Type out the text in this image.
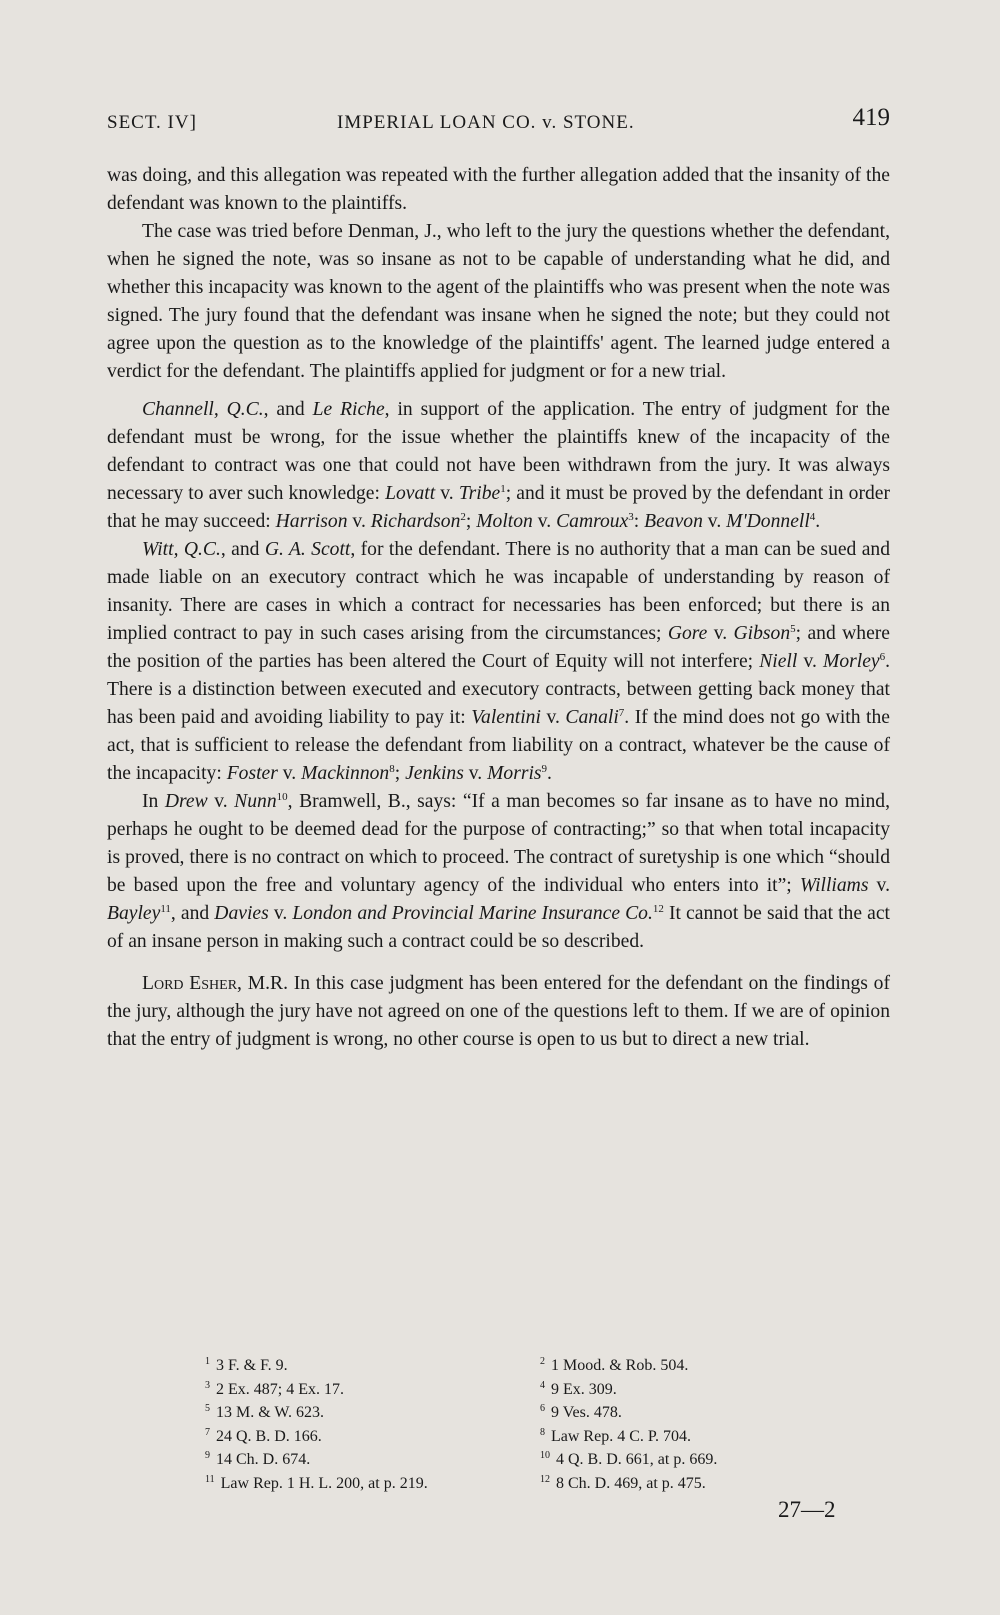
SECT. IV]	IMPERIAL LOAN CO. v. STONE.	419

was doing, and this allegation was repeated with the further allegation added that the insanity of the defendant was known to the plaintiffs.

The case was tried before Denman, J., who left to the jury the questions whether the defendant, when he signed the note, was so insane as not to be capable of understanding what he did, and whether this incapacity was known to the agent of the plaintiffs who was present when the note was signed. The jury found that the defendant was insane when he signed the note; but they could not agree upon the question as to the knowledge of the plaintiffs' agent. The learned judge entered a verdict for the defendant. The plaintiffs applied for judgment or for a new trial.

Channell, Q.C., and Le Riche, in support of the application. The entry of judgment for the defendant must be wrong, for the issue whether the plaintiffs knew of the incapacity of the defendant to contract was one that could not have been withdrawn from the jury. It was always necessary to aver such knowledge: Lovatt v. Tribe$^1$; and it must be proved by the defendant in order that he may succeed: Harrison v. Richardson$^2$; Molton v. Camroux$^3$: Beavon v. M'Donnell$^4$.

Witt, Q.C., and G. A. Scott, for the defendant. There is no authority that a man can be sued and made liable on an executory contract which he was incapable of understanding by reason of insanity. There are cases in which a contract for necessaries has been enforced; but there is an implied contract to pay in such cases arising from the circumstances; Gore v. Gibson$^5$; and where the position of the parties has been altered the Court of Equity will not interfere; Niell v. Morley$^6$. There is a distinction between executed and executory contracts, between getting back money that has been paid and avoiding liability to pay it: Valentini v. Canali$^7$. If the mind does not go with the act, that is sufficient to release the defendant from liability on a contract, whatever be the cause of the incapacity: Foster v. Mackinnon$^8$; Jenkins v. Morris$^9$.

In Drew v. Nunn$^{10}$, Bramwell, B., says: “If a man becomes so far insane as to have no mind, perhaps he ought to be deemed dead for the purpose of contracting;” so that when total incapacity is proved, there is no contract on which to proceed. The contract of suretyship is one which “should be based upon the free and voluntary agency of the individual who enters into it”; Williams v. Bayley$^{11}$, and Davies v. London and Provincial Marine Insurance Co.$^{12}$ It cannot be said that the act of an insane person in making such a contract could be so described.

Lord Esher, M.R. In this case judgment has been entered for the defendant on the findings of the jury, although the jury have not agreed on one of the questions left to them. If we are of opinion that the entry of judgment is wrong, no other course is open to us but to direct a new trial.

$^1$ 3 F. & F. 9.	$^2$ 1 Mood. & Rob. 504.
$^3$ 2 Ex. 487; 4 Ex. 17.	$^4$ 9 Ex. 309.
$^5$ 13 M. & W. 623.	$^6$ 9 Ves. 478.
$^7$ 24 Q. B. D. 166.	$^8$ Law Rep. 4 C. P. 704.
$^9$ 14 Ch. D. 674.	$^{10}$ 4 Q. B. D. 661, at p. 669.
$^{11}$ Law Rep. 1 H. L. 200, at p. 219.	$^{12}$ 8 Ch. D. 469, at p. 475.
27—2
